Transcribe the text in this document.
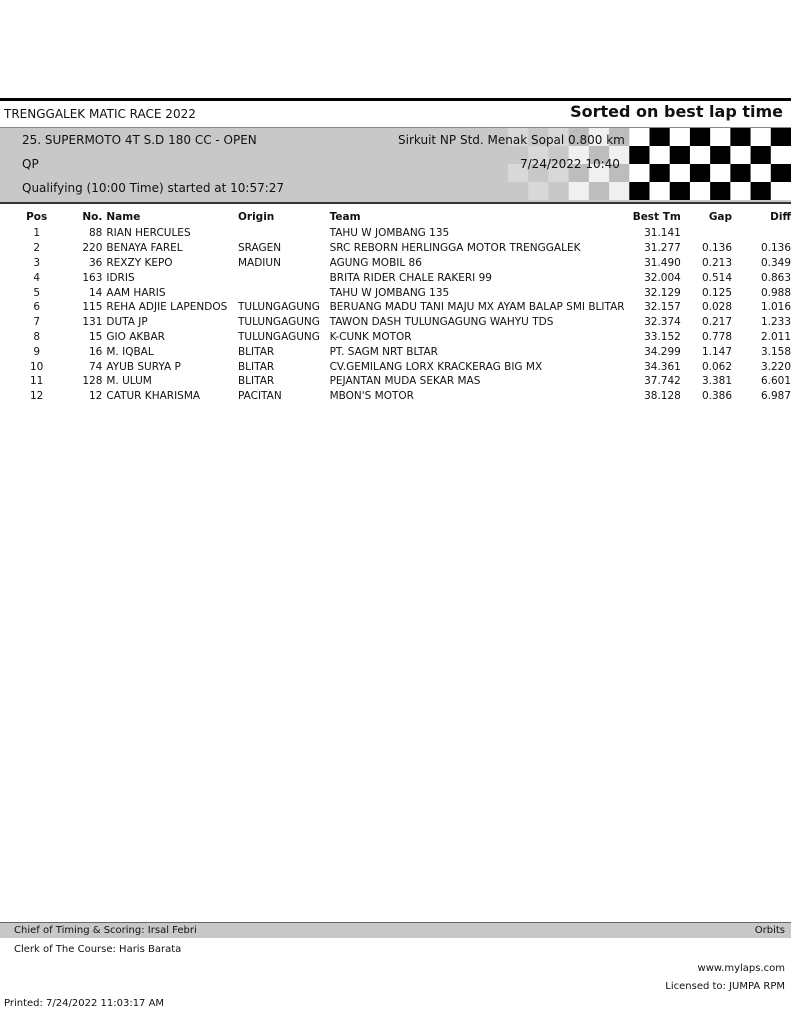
TRENGGALEK MATIC RACE 2022	Sorted on best lap time
25. SUPERMOTO 4T S.D 180 CC - OPEN
QP
Qualifying (10:00 Time) started at 10:57:27
Sirkuit NP Std. Menak Sopal 0.800 km
7/24/2022 10:40
Pos	No.	Name	Origin	Team	Best Tm	Gap	Diff
1	88	RIAN HERCULES		TAHU W JOMBANG 135	31.141		
2	220	BENAYA FAREL	SRAGEN	SRC REBORN HERLINGGA MOTOR TRENGGALEK	31.277	0.136	0.136
3	36	REXZY KEPO	MADIUN	AGUNG MOBIL 86	31.490	0.213	0.349
4	163	IDRIS		BRITA RIDER CHALE RAKERI 99	32.004	0.514	0.863
5	14	AAM HARIS		TAHU W JOMBANG 135	32.129	0.125	0.988
6	115	REHA ADJIE LAPENDOS	TULUNGAGUNG	BERUANG MADU TANI MAJU MX AYAM BALAP SMI BLITAR	32.157	0.028	1.016
7	131	DUTA JP	TULUNGAGUNG	TAWON DASH TULUNGAGUNG WAHYU TDS	32.374	0.217	1.233
8	15	GIO AKBAR	TULUNGAGUNG	K-CUNK MOTOR	33.152	0.778	2.011
9	16	M. IQBAL	BLITAR	PT. SAGM NRT BLTAR	34.299	1.147	3.158
10	74	AYUB SURYA P	BLITAR	CV.GEMILANG LORX KRACKERAG BIG MX	34.361	0.062	3.220
11	128	M. ULUM	BLITAR	PEJANTAN MUDA SEKAR MAS	37.742	3.381	6.601
12	12	CATUR KHARISMA	PACITAN	MBON'S MOTOR	38.128	0.386	6.987
Chief of Timing & Scoring: Irsal Febri	Orbits
Clerk of The Course: Haris Barata
www.mylaps.com
Licensed to: JUMPA RPM
Printed: 7/24/2022 11:03:17 AM
